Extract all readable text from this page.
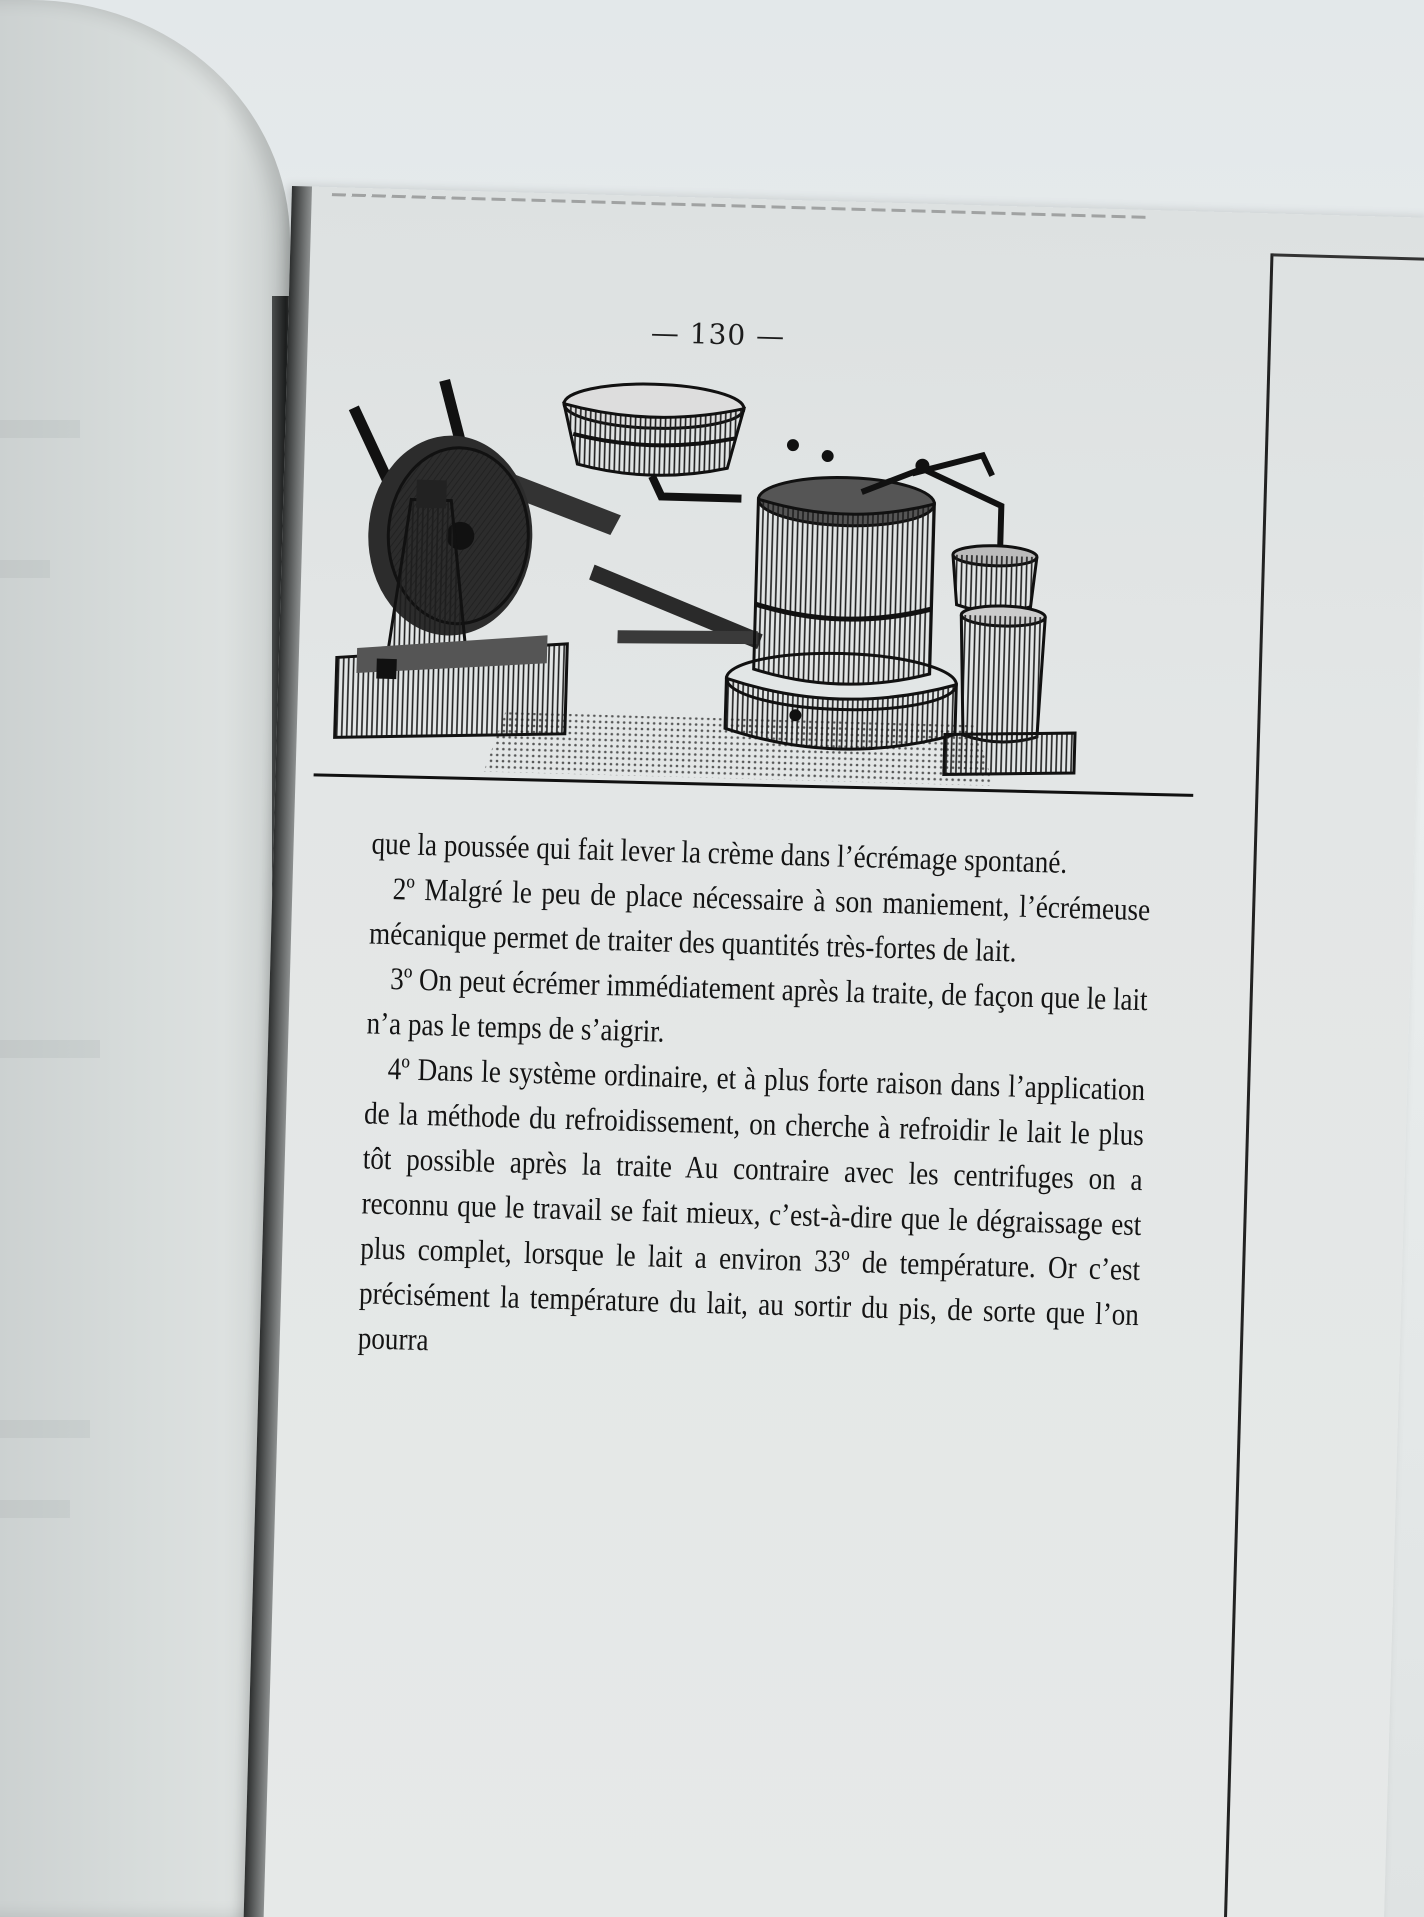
— 130 —

que la poussée qui fait lever la crème dans l’écrémage spontané.

2º Malgré le peu de place nécessaire à son maniement, l’écrémeuse mécanique permet de traiter des quantités très-fortes de lait.

3º On peut écrémer immédiatement après la traite, de façon que le lait n’a pas le temps de s’aigrir.

4º Dans le système ordinaire, et à plus forte raison dans l’application de la méthode du refroidissement, on cherche à refroidir le lait le plus tôt possible après la traite Au contraire avec les centrifuges on a reconnu que le travail se fait mieux, c’est-à-dire que le dégraissage est plus complet, lorsque le lait a environ 33º de température. Or c’est précisément la température du lait, au sortir du pis, de sorte que l’on pourra
